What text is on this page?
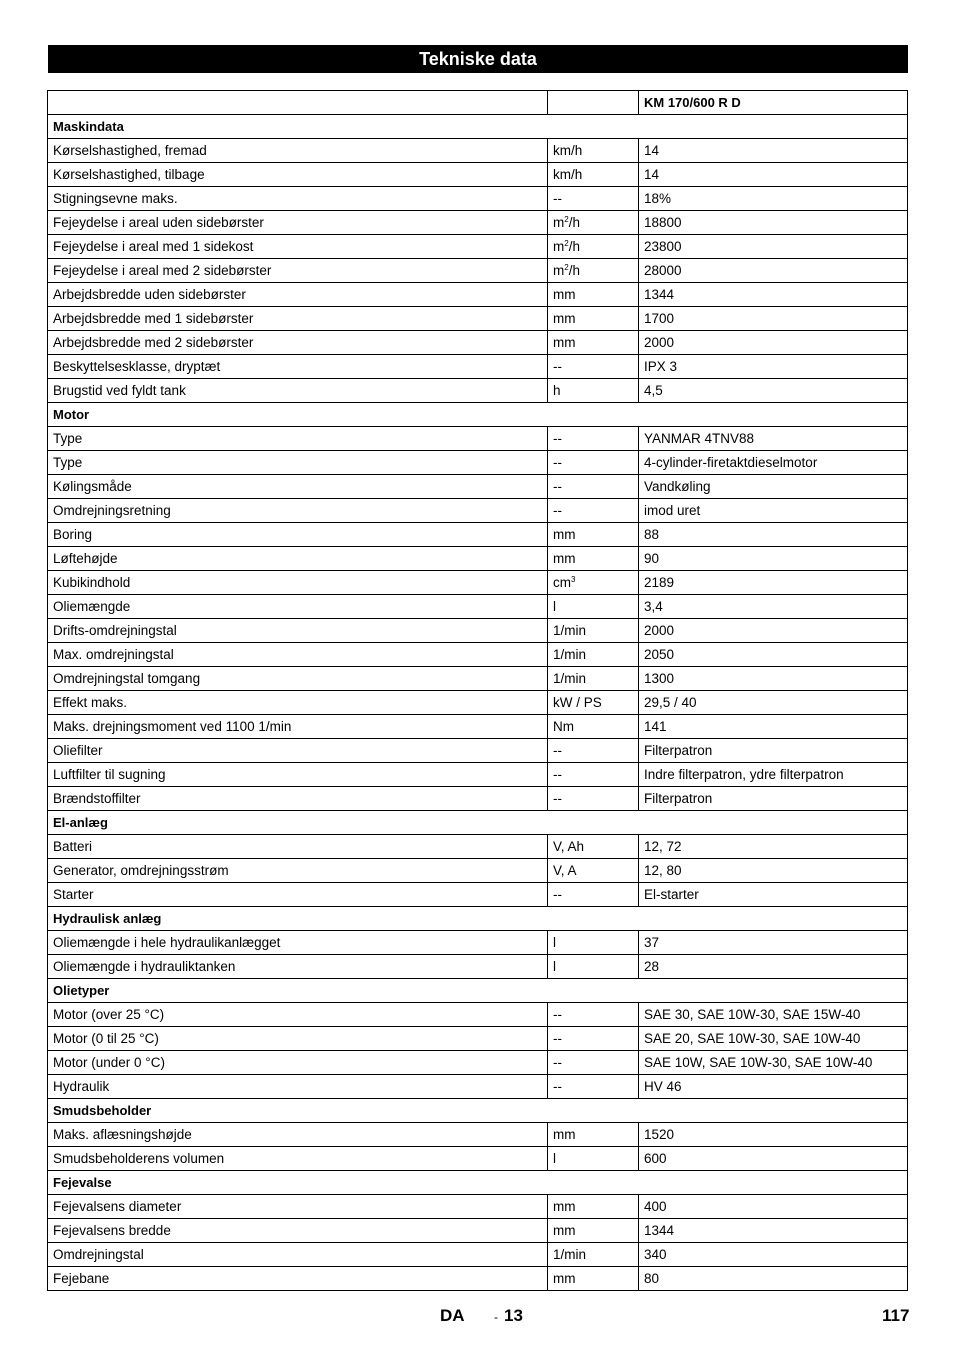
Tekniske data
		KM 170/600 R D
Maskindata		
Kørselshastighed, fremad	km/h	14
Kørselshastighed, tilbage	km/h	14
Stigningsevne maks.	--	18%
Fejeydelse i areal uden sidebørster	$m^2/h$	18800
Fejeydelse i areal med 1 sidekost	$m^2/h$	23800
Fejeydelse i areal med 2 sidebørster	$m^2/h$	28000
Arbejdsbredde uden sidebørster	mm	1344
Arbejdsbredde med 1 sidebørster	mm	1700
Arbejdsbredde med 2 sidebørster	mm	2000
Beskyttelsesklasse, dryptæt	--	IPX 3
Brugstid ved fyldt tank	h	4,5
Motor		
Type	--	YANMAR 4TNV88
Type	--	4-cylinder-firetaktdieselmotor
Kølingsmåde	--	Vandkøling
Omdrejningsretning	--	imod uret
Boring	mm	88
Løftehøjde	mm	90
Kubikindhold	$cm^3$	2189
Oliemængde	l	3,4
Drifts-omdrejningstal	1/min	2000
Max. omdrejningstal	1/min	2050
Omdrejningstal tomgang	1/min	1300
Effekt maks.	kW / PS	29,5 / 40
Maks. drejningsmoment ved 1100 1/min	Nm	141
Oliefilter	--	Filterpatron
Luftfilter til sugning	--	Indre filterpatron, ydre filterpatron
Brændstoffilter	--	Filterpatron
El-anlæg		
Batteri	V, Ah	12, 72
Generator, omdrejningsstrøm	V, A	12, 80
Starter	--	El-starter
Hydraulisk anlæg		
Oliemængde i hele hydraulikanlægget	l	37
Oliemængde i hydrauliktanken	l	28
Olietyper		
Motor (over 25 °C)	--	SAE 30, SAE 10W-30, SAE 15W-40
Motor (0 til 25 °C)	--	SAE 20, SAE 10W-30, SAE 10W-40
Motor (under 0 °C)	--	SAE 10W, SAE 10W-30, SAE 10W-40
Hydraulik	--	HV 46
Smudsbeholder		
Maks. aflæsningshøjde	mm	1520
Smudsbeholderens volumen	l	600
Fejevalse		
Fejevalsens diameter	mm	400
Fejevalsens bredde	mm	1344
Omdrejningstal	1/min	340
Fejebane	mm	80
DA - 13	117
